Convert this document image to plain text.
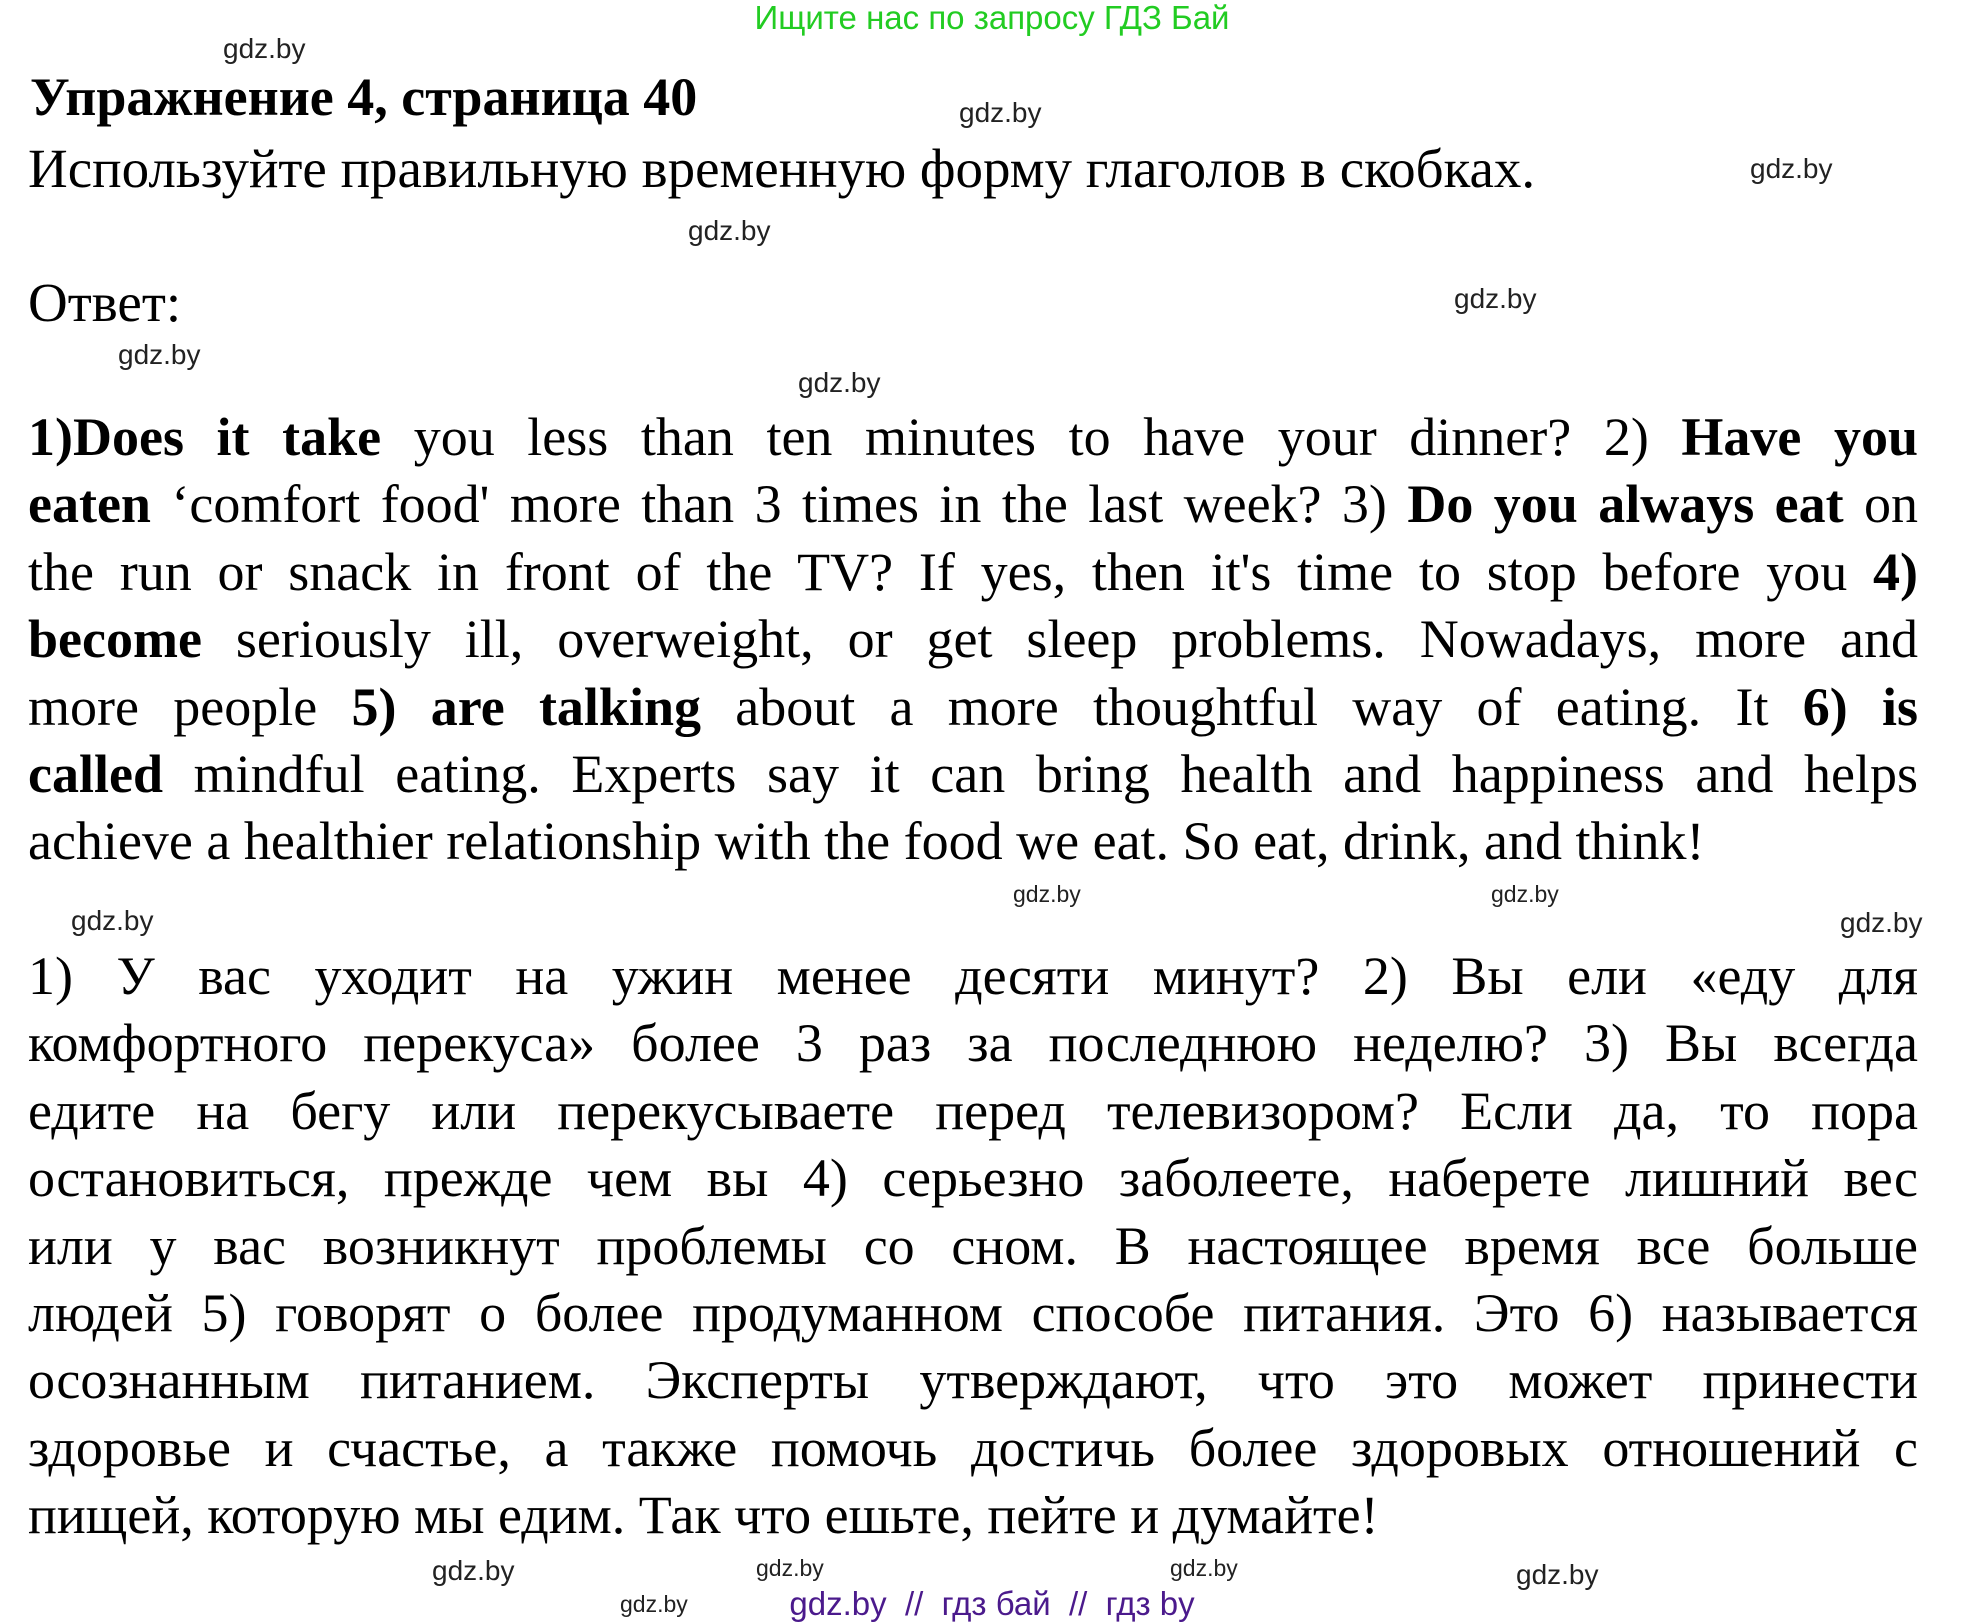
Ищите нас по запросу ГДЗ Бай
Упражнение 4, страница 40
Используйте правильную временную форму глаголов в скобках.
Ответ:
1)Does it take you less than ten minutes to have your dinner? 2) Have you
eaten ‘comfort food' more than 3 times in the last week? 3) Do you always eat on
the run or snack in front of the TV? If yes, then it's time to stop before you 4)
become seriously ill, overweight, or get sleep problems. Nowadays, more and
more people 5) are talking about a more thoughtful way of eating. It 6) is
called mindful eating. Experts say it can bring health and happiness and helps
achieve a healthier relationship with the food we eat. So eat, drink, and think!
1) У вас уходит на ужин менее десяти минут? 2) Вы ели «еду для
комфортного перекуса» более 3 раз за последнюю неделю? 3) Вы всегда
едите на бегу или перекусываете перед телевизором? Если да, то пора
остановиться, прежде чем вы 4) серьезно заболеете, наберете лишний вес
или у вас возникнут проблемы со сном. В настоящее время все больше
людей 5) говорят о более продуманном способе питания. Это 6) называется
осознанным питанием. Эксперты утверждают, что это может принести
здоровье и счастье, а также помочь достичь более здоровых отношений с
пищей, которую мы едим. Так что ешьте, пейте и думайте!
gdz.by
gdz.by
gdz.by
gdz.by
gdz.by
gdz.by
gdz.by
gdz.by
gdz.by
gdz.by
gdz.by
gdz.by	gdz.by
gdz.by
gdz.by
gdz.by
gdz.by  //  гдз бай  //  гдз by
